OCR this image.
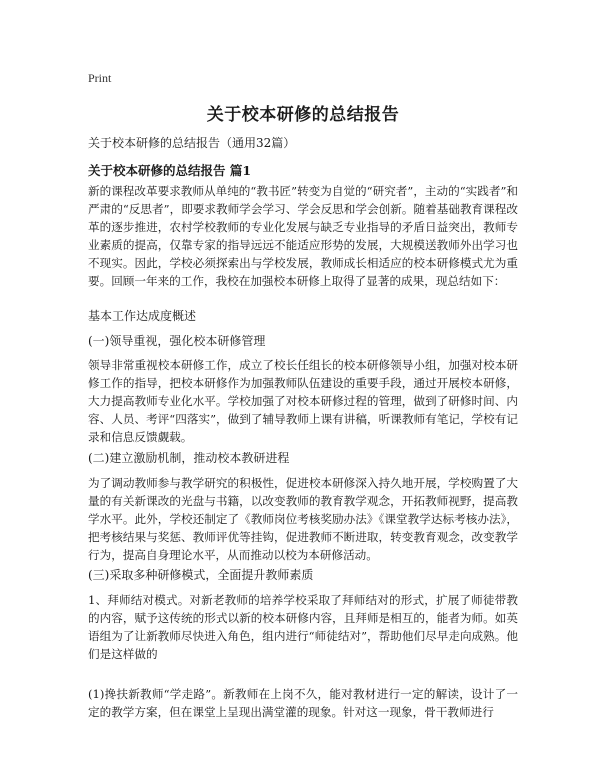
Print
关于校本研修的总结报告
关于校本研修的总结报告（通用32篇）
关于校本研修的总结报告 篇1

新的课程改革要求教师从单纯的“教书匠”转变为自觉的“研究者”，主动的“实践者”和严肃的“反思者”，即要求教师学会学习、学会反思和学会创新。随着基础教育课程改革的逐步推进，农村学校教师的专业化发展与缺乏专业指导的矛盾日益突出，教师专业素质的提高，仅靠专家的指导远远不能适应形势的发展，大规模送教师外出学习也不现实。因此，学校必须探索出与学校发展，教师成长相适应的校本研修模式尤为重要。回顾一年来的工作，我校在加强校本研修上取得了显著的成果，现总结如下：

基本工作达成度概述
(一)领导重视，强化校本研修管理

领导非常重视校本研修工作，成立了校长任组长的校本研修领导小组，加强对校本研修工作的指导，把校本研修作为加强教师队伍建设的重要手段，通过开展校本研修，大力提高教师专业化水平。学校加强了对校本研修过程的管理，做到了研修时间、内容、人员、考评“四落实”，做到了辅导教师上课有讲稿，听课教师有笔记，学校有记录和信息反馈觑载。

(二)建立激励机制，推动校本教研进程

为了调动教师参与教学研究的积极性，促进校本研修深入持久地开展，学校购置了大量的有关新课改的光盘与书籍，以改变教师的教育教学观念，开拓教师视野，提高教学水平。此外，学校还制定了《教师岗位考核奖励办法》《课堂教学达标考核办法》，把考核结果与奖惩、教师评优等挂钩，促进教师不断进取，转变教育观念，改变教学行为，提高自身理论水平，从而推动以校为本研修活动。

(三)采取多种研修模式，全面提升教师素质

1、拜师结对模式。对新老教师的培养学校采取了拜师结对的形式，扩展了师徒带教的内容，赋予这传统的形式以新的校本研修内容，且拜师是相互的，能者为师。如英语组为了让新教师尽快进入角色，组内进行“师徒结对”，帮助他们尽早走向成熟。他们是这样做的

(1)搀扶新教师“学走路”。新教师在上岗不久，能对教材进行一定的解读，设计了一定的教学方案，但在课堂上呈现出满堂灌的现象。针对这一现象，骨干教师进行
